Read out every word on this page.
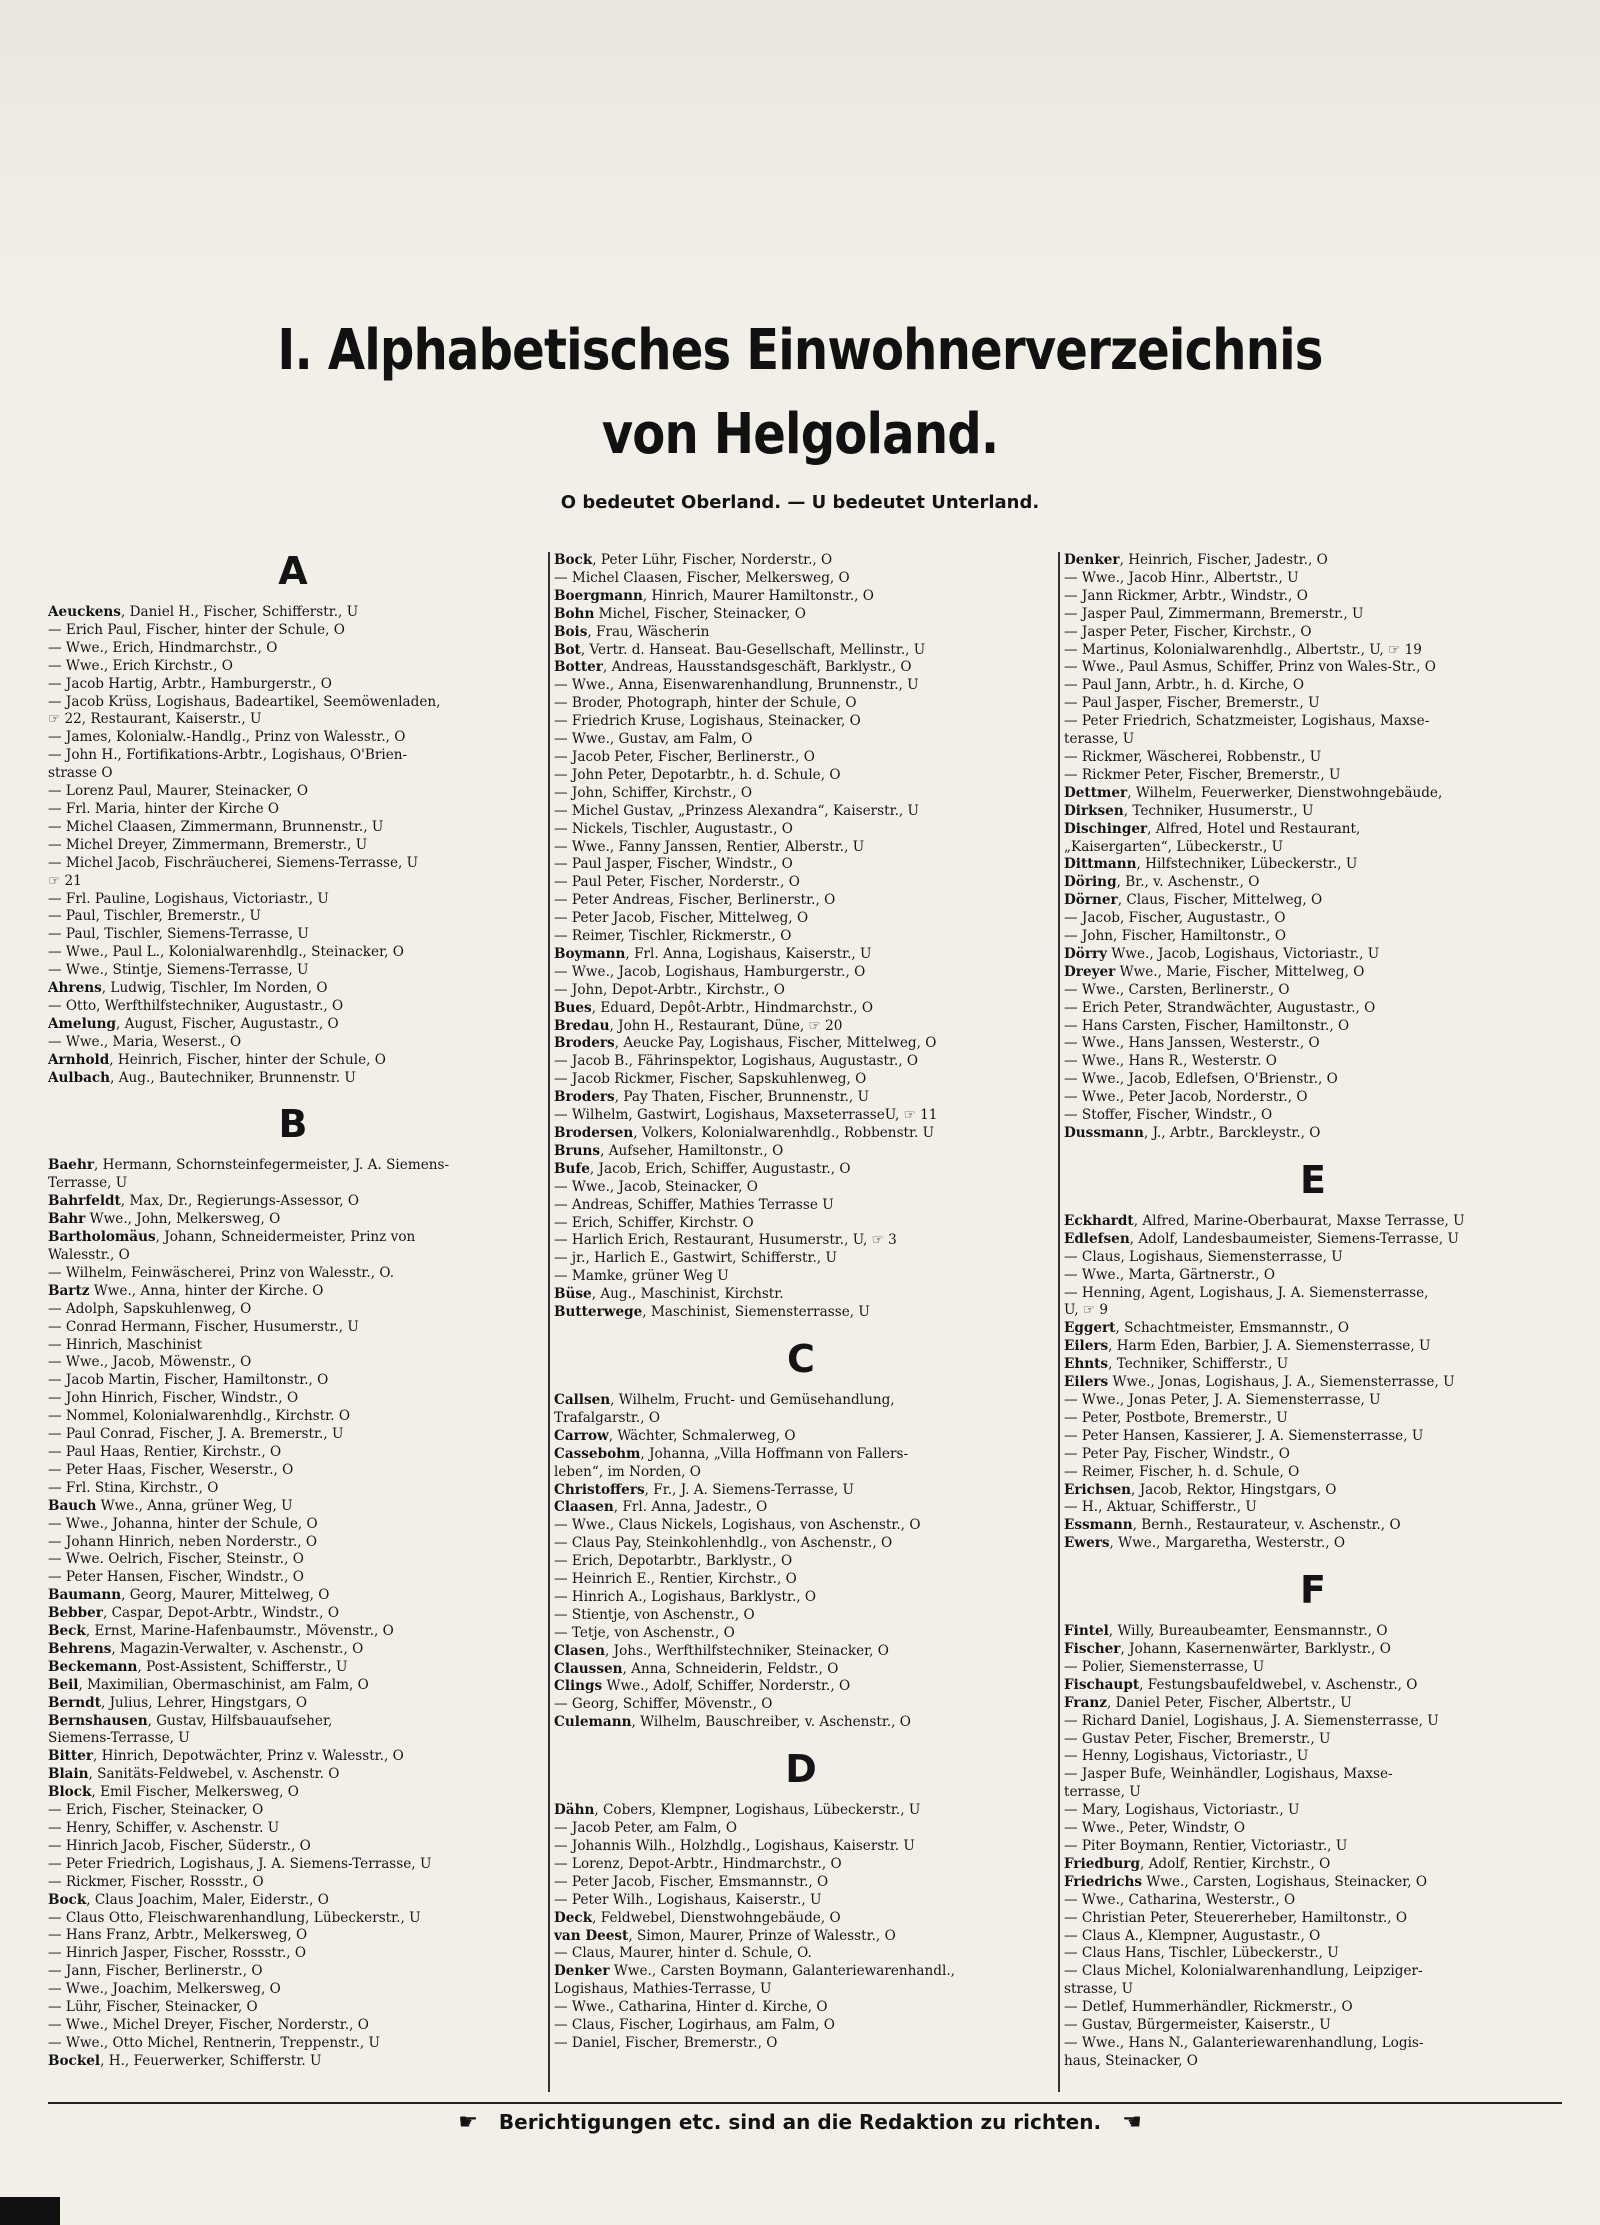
I. Alphabetisches Einwohnerverzeichnis
von Helgoland.
O bedeutet Oberland. — U bedeutet Unterland.
A
Aeuckens, Daniel H., Fischer, Schifferstr., U
— Erich Paul, Fischer, hinter der Schule, O
— Wwe., Erich, Hindmarchstr., O
— Wwe., Erich Kirchstr., O
— Jacob Hartig, Arbtr., Hamburgerstr., O
— Jacob Krüss, Logishaus, Badeartikel, Seemöwenladen,
☞ 22, Restaurant, Kaiserstr., U
— James, Kolonialw.-Handlg., Prinz von Walesstr., O
— John H., Fortifikations-Arbtr., Logishaus, O'Brien-
strasse O
— Lorenz Paul, Maurer, Steinacker, O
— Frl. Maria, hinter der Kirche O
— Michel Claasen, Zimmermann, Brunnenstr., U
— Michel Dreyer, Zimmermann, Bremerstr., U
— Michel Jacob, Fischräucherei, Siemens-Terrasse, U
☞ 21
— Frl. Pauline, Logishaus, Victoriastr., U
— Paul, Tischler, Bremerstr., U
— Paul, Tischler, Siemens-Terrasse, U
— Wwe., Paul L., Kolonialwarenhdlg., Steinacker, O
— Wwe., Stintje, Siemens-Terrasse, U
Ahrens, Ludwig, Tischler, Im Norden, O
— Otto, Werfthilfstechniker, Augustastr., O
Amelung, August, Fischer, Augustastr., O
— Wwe., Maria, Weserst., O
Arnhold, Heinrich, Fischer, hinter der Schule, O
Aulbach, Aug., Bautechniker, Brunnenstr. U
B
Baehr, Hermann, Schornsteinfegermeister, J. A. Siemens-
Terrasse, U
Bahrfeldt, Max, Dr., Regierungs-Assessor, O
Bahr Wwe., John, Melkersweg, O
Bartholomäus, Johann, Schneidermeister, Prinz von
Walesstr., O
— Wilhelm, Feinwäscherei, Prinz von Walesstr., O.
Bartz Wwe., Anna, hinter der Kirche. O
— Adolph, Sapskuhlenweg, O
— Conrad Hermann, Fischer, Husumerstr., U
— Hinrich, Maschinist
— Wwe., Jacob, Möwenstr., O
— Jacob Martin, Fischer, Hamiltonstr., O
— John Hinrich, Fischer, Windstr., O
— Nommel, Kolonialwarenhdlg., Kirchstr. O
— Paul Conrad, Fischer, J. A. Bremerstr., U
— Paul Haas, Rentier, Kirchstr., O
— Peter Haas, Fischer, Weserstr., O
— Frl. Stina, Kirchstr., O
Bauch Wwe., Anna, grüner Weg, U
— Wwe., Johanna, hinter der Schule, O
— Johann Hinrich, neben Norderstr., O
— Wwe. Oelrich, Fischer, Steinstr., O
— Peter Hansen, Fischer, Windstr., O
Baumann, Georg, Maurer, Mittelweg, O
Bebber, Caspar, Depot-Arbtr., Windstr., O
Beck, Ernst, Marine-Hafenbaumstr., Mövenstr., O
Behrens, Magazin-Verwalter, v. Aschenstr., O
Beckemann, Post-Assistent, Schifferstr., U
Beil, Maximilian, Obermaschinist, am Falm, O
Berndt, Julius, Lehrer, Hingstgars, O
Bernshausen, Gustav, Hilfsbauaufseher,
Siemens-Terrasse, U
Bitter, Hinrich, Depotwächter, Prinz v. Walesstr., O
Blain, Sanitäts-Feldwebel, v. Aschenstr. O
Block, Emil Fischer, Melkersweg, O
— Erich, Fischer, Steinacker, O
— Henry, Schiffer, v. Aschenstr. U
— Hinrich Jacob, Fischer, Süderstr., O
— Peter Friedrich, Logishaus, J. A. Siemens-Terrasse, U
— Rickmer, Fischer, Rossstr., O
Bock, Claus Joachim, Maler, Eiderstr., O
— Claus Otto, Fleischwarenhandlung, Lübeckerstr., U
— Hans Franz, Arbtr., Melkersweg, O
— Hinrich Jasper, Fischer, Rossstr., O
— Jann, Fischer, Berlinerstr., O
— Wwe., Joachim, Melkersweg, O
— Lühr, Fischer, Steinacker, O
— Wwe., Michel Dreyer, Fischer, Norderstr., O
— Wwe., Otto Michel, Rentnerin, Treppenstr., U
Bockel, H., Feuerwerker, Schifferstr. U
Bock, Peter Lühr, Fischer, Norderstr., O
— Michel Claasen, Fischer, Melkersweg, O
Boergmann, Hinrich, Maurer Hamiltonstr., O
Bohn Michel, Fischer, Steinacker, O
Bois, Frau, Wäscherin
Bot, Vertr. d. Hanseat. Bau-Gesellschaft, Mellinstr., U
Botter, Andreas, Hausstandsgeschäft, Barklystr., O
— Wwe., Anna, Eisenwarenhandlung, Brunnenstr., U
— Broder, Photograph, hinter der Schule, O
— Friedrich Kruse, Logishaus, Steinacker, O
— Wwe., Gustav, am Falm, O
— Jacob Peter, Fischer, Berlinerstr., O
— John Peter, Depotarbtr., h. d. Schule, O
— John, Schiffer, Kirchstr., O
— Michel Gustav, „Prinzess Alexandra“, Kaiserstr., U
— Nickels, Tischler, Augustastr., O
— Wwe., Fanny Janssen, Rentier, Alberstr., U
— Paul Jasper, Fischer, Windstr., O
— Paul Peter, Fischer, Norderstr., O
— Peter Andreas, Fischer, Berlinerstr., O
— Peter Jacob, Fischer, Mittelweg, O
— Reimer, Tischler, Rickmerstr., O
Boymann, Frl. Anna, Logishaus, Kaiserstr., U
— Wwe., Jacob, Logishaus, Hamburgerstr., O
— John, Depot-Arbtr., Kirchstr., O
Bues, Eduard, Depôt-Arbtr., Hindmarchstr., O
Bredau, John H., Restaurant, Düne, ☞ 20
Broders, Aeucke Pay, Logishaus, Fischer, Mittelweg, O
— Jacob B., Fährinspektor, Logishaus, Augustastr., O
— Jacob Rickmer, Fischer, Sapskuhlenweg, O
Broders, Pay Thaten, Fischer, Brunnenstr., U
— Wilhelm, Gastwirt, Logishaus, MaxseterrasseU, ☞ 11
Brodersen, Volkers, Kolonialwarenhdlg., Robbenstr. U
Bruns, Aufseher, Hamiltonstr., O
Bufe, Jacob, Erich, Schiffer, Augustastr., O
— Wwe., Jacob, Steinacker, O
— Andreas, Schiffer, Mathies Terrasse U
— Erich, Schiffer, Kirchstr. O
— Harlich Erich, Restaurant, Husumerstr., U, ☞ 3
— jr., Harlich E., Gastwirt, Schifferstr., U
— Mamke, grüner Weg U
Büse, Aug., Maschinist, Kirchstr.
Butterwege, Maschinist, Siemensterrasse, U
C
Callsen, Wilhelm, Frucht- und Gemüsehandlung,
Trafalgarstr., O
Carrow, Wächter, Schmalerweg, O
Cassebohm, Johanna, „Villa Hoffmann von Fallers-
leben“, im Norden, O
Christoffers, Fr., J. A. Siemens-Terrasse, U
Claasen, Frl. Anna, Jadestr., O
— Wwe., Claus Nickels, Logishaus, von Aschenstr., O
— Claus Pay, Steinkohlenhdlg., von Aschenstr., O
— Erich, Depotarbtr., Barklystr., O
— Heinrich E., Rentier, Kirchstr., O
— Hinrich A., Logishaus, Barklystr., O
— Stientje, von Aschenstr., O
— Tetje, von Aschenstr., O
Clasen, Johs., Werfthilfstechniker, Steinacker, O
Claussen, Anna, Schneiderin, Feldstr., O
Clings Wwe., Adolf, Schiffer, Norderstr., O
— Georg, Schiffer, Mövenstr., O
Culemann, Wilhelm, Bauschreiber, v. Aschenstr., O
D
Dähn, Cobers, Klempner, Logishaus, Lübeckerstr., U
— Jacob Peter, am Falm, O
— Johannis Wilh., Holzhdlg., Logishaus, Kaiserstr. U
— Lorenz, Depot-Arbtr., Hindmarchstr., O
— Peter Jacob, Fischer, Emsmannstr., O
— Peter Wilh., Logishaus, Kaiserstr., U
Deck, Feldwebel, Dienstwohngebäude, O
van Deest, Simon, Maurer, Prinze of Walesstr., O
— Claus, Maurer, hinter d. Schule, O.
Denker Wwe., Carsten Boymann, Galanteriewarenhandl.,
Logishaus, Mathies-Terrasse, U
— Wwe., Catharina, Hinter d. Kirche, O
— Claus, Fischer, Logirhaus, am Falm, O
— Daniel, Fischer, Bremerstr., O
Denker, Heinrich, Fischer, Jadestr., O
— Wwe., Jacob Hinr., Albertstr., U
— Jann Rickmer, Arbtr., Windstr., O
— Jasper Paul, Zimmermann, Bremerstr., U
— Jasper Peter, Fischer, Kirchstr., O
— Martinus, Kolonialwarenhdlg., Albertstr., U, ☞ 19
— Wwe., Paul Asmus, Schiffer, Prinz von Wales-Str., O
— Paul Jann, Arbtr., h. d. Kirche, O
— Paul Jasper, Fischer, Bremerstr., U
— Peter Friedrich, Schatzmeister, Logishaus, Maxse-
terasse, U
— Rickmer, Wäscherei, Robbenstr., U
— Rickmer Peter, Fischer, Bremerstr., U
Dettmer, Wilhelm, Feuerwerker, Dienstwohngebäude,
Dirksen, Techniker, Husumerstr., U
Dischinger, Alfred, Hotel und Restaurant,
„Kaisergarten“, Lübeckerstr., U
Dittmann, Hilfstechniker, Lübeckerstr., U
Döring, Br., v. Aschenstr., O
Dörner, Claus, Fischer, Mittelweg, O
— Jacob, Fischer, Augustastr., O
— John, Fischer, Hamiltonstr., O
Dörry Wwe., Jacob, Logishaus, Victoriastr., U
Dreyer Wwe., Marie, Fischer, Mittelweg, O
— Wwe., Carsten, Berlinerstr., O
— Erich Peter, Strandwächter, Augustastr., O
— Hans Carsten, Fischer, Hamiltonstr., O
— Wwe., Hans Janssen, Westerstr., O
— Wwe., Hans R., Westerstr. O
— Wwe., Jacob, Edlefsen, O'Brienstr., O
— Wwe., Peter Jacob, Norderstr., O
— Stoffer, Fischer, Windstr., O
Dussmann, J., Arbtr., Barckleystr., O
E
Eckhardt, Alfred, Marine-Oberbaurat, Maxse Terrasse, U
Edlefsen, Adolf, Landesbaumeister, Siemens-Terrasse, U
— Claus, Logishaus, Siemensterrasse, U
— Wwe., Marta, Gärtnerstr., O
— Henning, Agent, Logishaus, J. A. Siemensterrasse,
U, ☞ 9
Eggert, Schachtmeister, Emsmannstr., O
Eilers, Harm Eden, Barbier, J. A. Siemensterrasse, U
Ehnts, Techniker, Schifferstr., U
Eilers Wwe., Jonas, Logishaus, J. A., Siemensterrasse, U
— Wwe., Jonas Peter, J. A. Siemensterrasse, U
— Peter, Postbote, Bremerstr., U
— Peter Hansen, Kassierer, J. A. Siemensterrasse, U
— Peter Pay, Fischer, Windstr., O
— Reimer, Fischer, h. d. Schule, O
Erichsen, Jacob, Rektor, Hingstgars, O
— H., Aktuar, Schifferstr., U
Essmann, Bernh., Restaurateur, v. Aschenstr., O
Ewers, Wwe., Margaretha, Westerstr., O
F
Fintel, Willy, Bureaubeamter, Eensmannstr., O
Fischer, Johann, Kasernenwärter, Barklystr., O
— Polier, Siemensterrasse, U
Fischaupt, Festungsbaufeldwebel, v. Aschenstr., O
Franz, Daniel Peter, Fischer, Albertstr., U
— Richard Daniel, Logishaus, J. A. Siemensterrasse, U
— Gustav Peter, Fischer, Bremerstr., U
— Henny, Logishaus, Victoriastr., U
— Jasper Bufe, Weinhändler, Logishaus, Maxse-
terrasse, U
— Mary, Logishaus, Victoriastr., U
— Wwe., Peter, Windstr, O
— Piter Boymann, Rentier, Victoriastr., U
Friedburg, Adolf, Rentier, Kirchstr., O
Friedrichs Wwe., Carsten, Logishaus, Steinacker, O
— Wwe., Catharina, Westerstr., O
— Christian Peter, Steuererheber, Hamiltonstr., O
— Claus A., Klempner, Augustastr., O
— Claus Hans, Tischler, Lübeckerstr., U
— Claus Michel, Kolonialwarenhandlung, Leipziger-
strasse, U
— Detlef, Hummerhändler, Rickmerstr., O
— Gustav, Bürgermeister, Kaiserstr., U
— Wwe., Hans N., Galanteriewarenhandlung, Logis-
haus, Steinacker, O
☛ Berichtigungen etc. sind an die Redaktion zu richten. ☚
